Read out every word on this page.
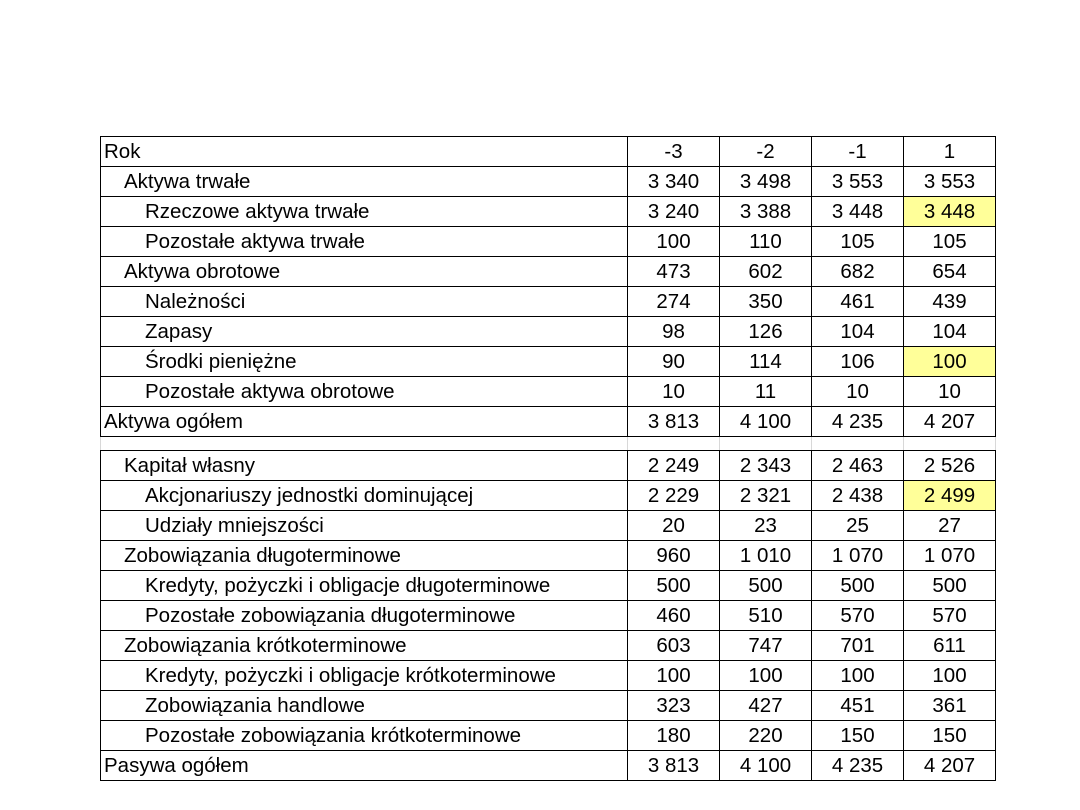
Rok	-3	-2	-1	1
Aktywa trwałe	3 340	3 498	3 553	3 553
Rzeczowe aktywa trwałe	3 240	3 388	3 448	3 448
Pozostałe aktywa trwałe	100	110	105	105
Aktywa obrotowe	473	602	682	654
Należności	274	350	461	439
Zapasy	98	126	104	104
Środki pieniężne	90	114	106	100
Pozostałe aktywa obrotowe	10	11	10	10
Aktywa ogółem	3 813	4 100	4 235	4 207

Kapitał własny	2 249	2 343	2 463	2 526
Akcjonariuszy jednostki dominującej	2 229	2 321	2 438	2 499
Udziały mniejszości	20	23	25	27
Zobowiązania długoterminowe	960	1 010	1 070	1 070
Kredyty, pożyczki i obligacje długoterminowe	500	500	500	500
Pozostałe zobowiązania długoterminowe	460	510	570	570
Zobowiązania krótkoterminowe	603	747	701	611
Kredyty, pożyczki i obligacje krótkoterminowe	100	100	100	100
Zobowiązania handlowe	323	427	451	361
Pozostałe zobowiązania krótkoterminowe	180	220	150	150
Pasywa ogółem	3 813	4 100	4 235	4 207
